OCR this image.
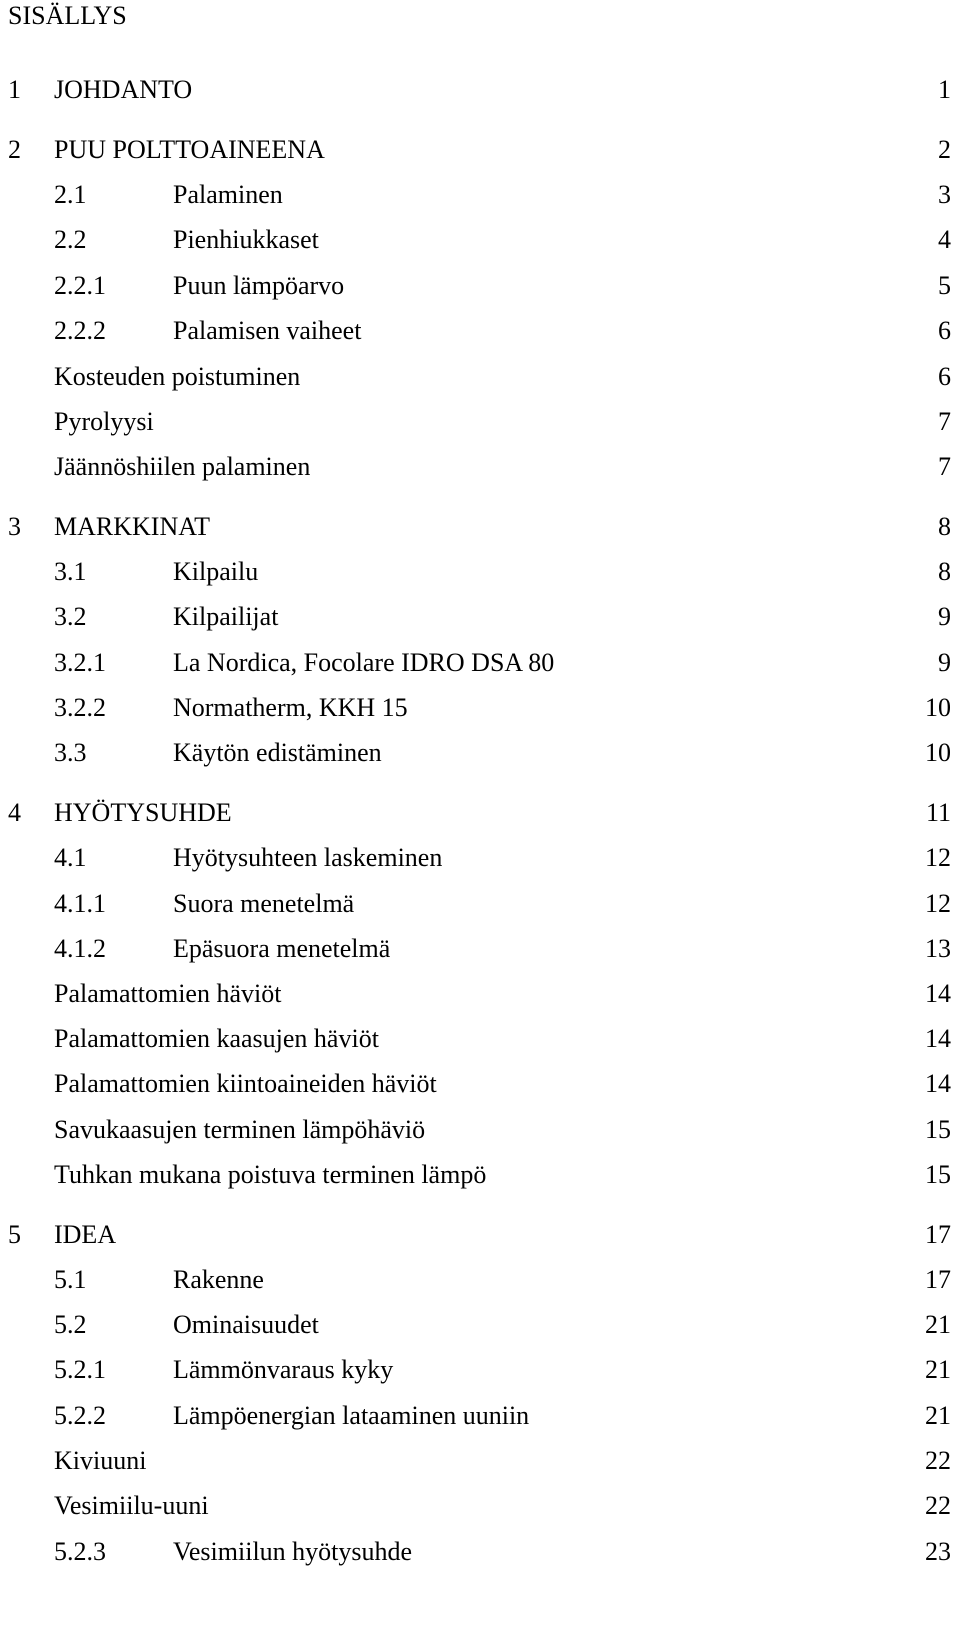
SISÄLLYS
1 JOHDANTO	1
2 PUU POLTTOAINEENA	2
2.1	Palaminen	3
2.2	Pienhiukkaset	4
2.2.1	Puun lämpöarvo	5
2.2.2	Palamisen vaiheet	6
Kosteuden poistuminen	6
Pyrolyysi	7
Jäännöshiilen palaminen	7
3 MARKKINAT	8
3.1	Kilpailu	8
3.2	Kilpailijat	9
3.2.1	La Nordica, Focolare IDRO DSA 80	9
3.2.2	Normatherm, KKH 15	10
3.3	Käytön edistäminen	10
4 HYÖTYSUHDE	11
4.1	Hyötysuhteen laskeminen	12
4.1.1	Suora menetelmä	12
4.1.2	Epäsuora menetelmä	13
Palamattomien häviöt	14
Palamattomien kaasujen häviöt	14
Palamattomien kiintoaineiden häviöt	14
Savukaasujen terminen lämpöhäviö	15
Tuhkan mukana poistuva terminen lämpö	15
5 IDEA	17
5.1	Rakenne	17
5.2	Ominaisuudet	21
5.2.1	Lämmönvaraus kyky	21
5.2.2	Lämpöenergian lataaminen uuniin	21
Kiviuuni	22
Vesimiilu-uuni	22
5.2.3	Vesimiilun hyötysuhde	23
